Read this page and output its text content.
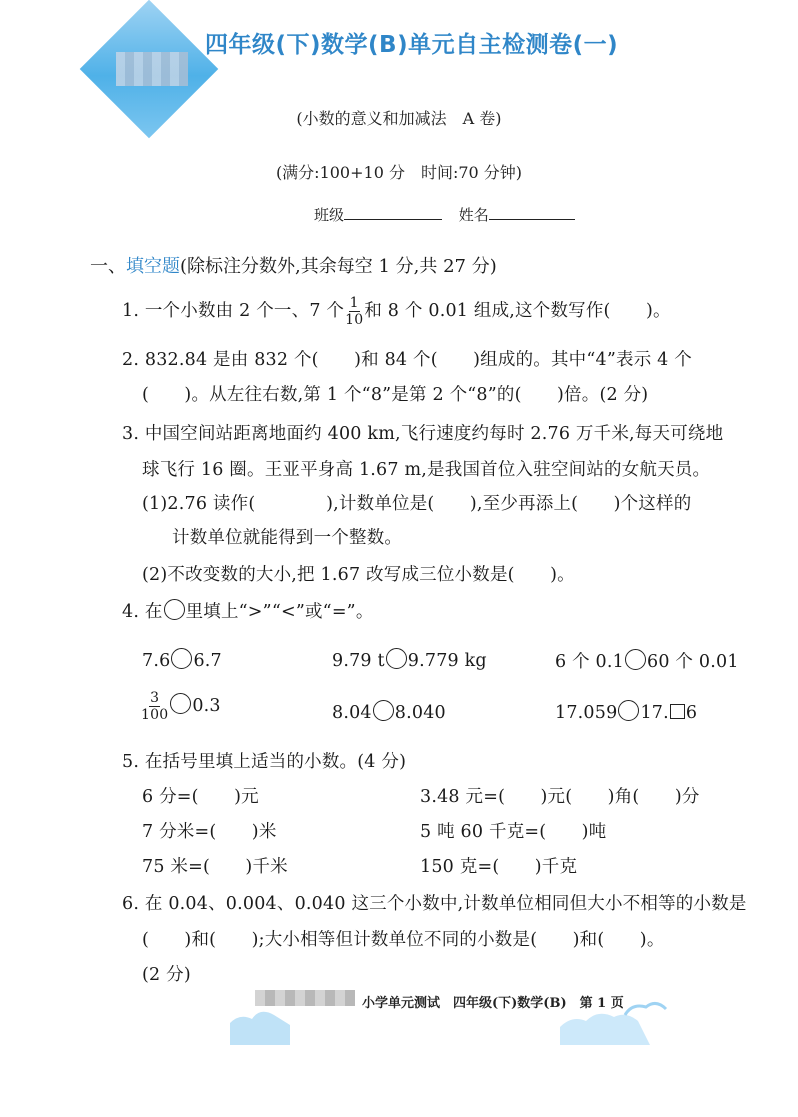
四年级(下)数学(B)单元自主检测卷(一)
(小数的意义和加减法　A 卷)
(满分:100+10 分　时间:70 分钟)
班级	姓名
一、填空题(除标注分数外,其余每空 1 分,共 27 分)
1. 一个小数由 2 个一、7 个 $\frac{1}{10}$ 和 8 个 0.01 组成,这个数写作(　　)。
2. 832.84 是由 832 个(　　)和 84 个(　　)组成的。其中“4”表示 4 个
(　　)。从左往右数,第 1 个“8”是第 2 个“8”的(　　)倍。(2 分)
3. 中国空间站距离地面约 400 km,飞行速度约每时 2.76 万千米,每天可绕地
球飞行 16 圈。王亚平身高 1.67 m,是我国首位入驻空间站的女航天员。
(1)2.76 读作(　　　　),计数单位是(　　),至少再添上(　　)个这样的
计数单位就能得到一个整数。
(2)不改变数的大小,把 1.67 改写成三位小数是(　　)。
4. 在 里填上“>”“<”或“=”。
7.6 6.7	9.79 t 9.779 kg	6 个 0.1 60 个 0.01
$\frac{3}{100} 0.3$	8.04 8.040	17.059 17. 6
5. 在括号里填上适当的小数。(4 分)
6 分=(　　)元	3.48 元=(　　)元(　　)角(　　)分
7 分米=(　　)米	5 吨 60 千克=(　　)吨
75 米=(　　)千米	150 克=(　　)千克
6. 在 0.04、0.004、0.040 这三个小数中,计数单位相同但大小不相等的小数是
(　　)和(　　);大小相等但计数单位不同的小数是(　　)和(　　)。
(2 分)
小学单元测试　四年级(下)数学(B)　第 1 页
